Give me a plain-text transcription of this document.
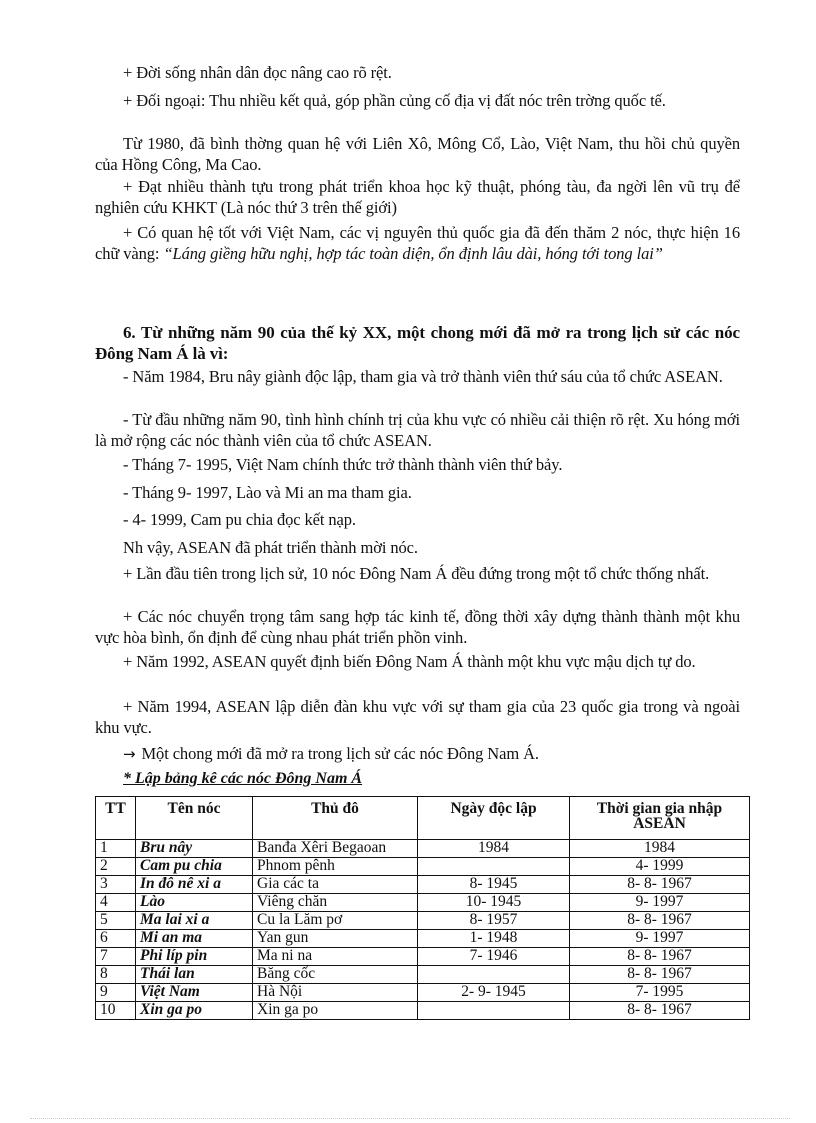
+ Đời sống nhân dân đọc nâng cao rõ rệt.
+ Đối ngoại: Thu nhiều kết quả, góp phần củng cố địa vị đất nóc trên trờng quốc tế.
Từ 1980, đã bình thờng quan hệ với Liên Xô, Mông Cổ, Lào, Việt Nam, thu hồi chủ quyền của Hồng Công, Ma Cao.
+ Đạt nhiều thành tựu trong phát triển khoa học kỹ thuật, phóng tàu, đa ngời lên vũ trụ để nghiên cứu KHKT (Là nóc thứ 3 trên thế giới)
+ Có quan hệ tốt với Việt Nam, các vị nguyên thủ quốc gia đã đến thăm 2 nóc, thực hiện 16 chữ vàng: “Láng giềng hữu nghị, hợp tác toàn diện, ổn định lâu dài, hóng tới tong lai”
6. Từ những năm 90 của thế kỷ XX, một chong mới đã mở ra trong lịch sử các nóc Đông Nam Á là vì:
- Năm 1984, Bru nây giành độc lập, tham gia và trở thành viên thứ sáu của tổ chức ASEAN.
- Từ đầu những năm 90, tình hình chính trị của khu vực có nhiều cải thiện rõ rệt. Xu hóng mới là mở rộng các nóc thành viên của tổ chức ASEAN.
- Tháng 7- 1995, Việt Nam chính thức trở thành thành viên thứ bảy.
- Tháng 9- 1997, Lào và Mi an ma tham gia.
- 4- 1999, Cam pu chia đọc kết nạp.
Nh vậy, ASEAN đã phát triển thành mời nóc.
+ Lần đầu tiên trong lịch sử, 10 nóc Đông Nam Á đều đứng trong một tổ chức thống nhất.
+ Các nóc chuyển trọng tâm sang hợp tác kinh tế, đồng thời xây dựng thành thành một khu vực hòa bình, ổn định để cùng nhau phát triển phồn vinh.
+ Năm 1992, ASEAN quyết định biến Đông Nam Á thành một khu vực mậu dịch tự do.
+ Năm 1994, ASEAN lập diễn đàn khu vực với sự tham gia của 23 quốc gia trong và ngoài khu vực.
→ Một chong mới đã mở ra trong lịch sử các nóc Đông Nam Á.
* Lập bảng kê các nóc Đông Nam Á
TT	Tên nóc	Thủ đô	Ngày độc lập	Thời gian gia nhập ASEAN
1	Bru nây	Banđa Xêri Begaoan	1984	1984
2	Cam pu chia	Phnom pênh		4- 1999
3	In đô nê xi a	Gia các ta	8- 1945	8- 8- 1967
4	Lào	Viêng chăn	10- 1945	9- 1997
5	Ma lai xi a	Cu la Lăm pơ	8- 1957	8- 8- 1967
6	Mi an ma	Yan gun	1- 1948	9- 1997
7	Phi líp pin	Ma ni na	7- 1946	8- 8- 1967
8	Thái lan	Băng cốc		8- 8- 1967
9	Việt Nam	Hà Nội	2- 9- 1945	7- 1995
10	Xin ga po	Xin ga po		8- 8- 1967
